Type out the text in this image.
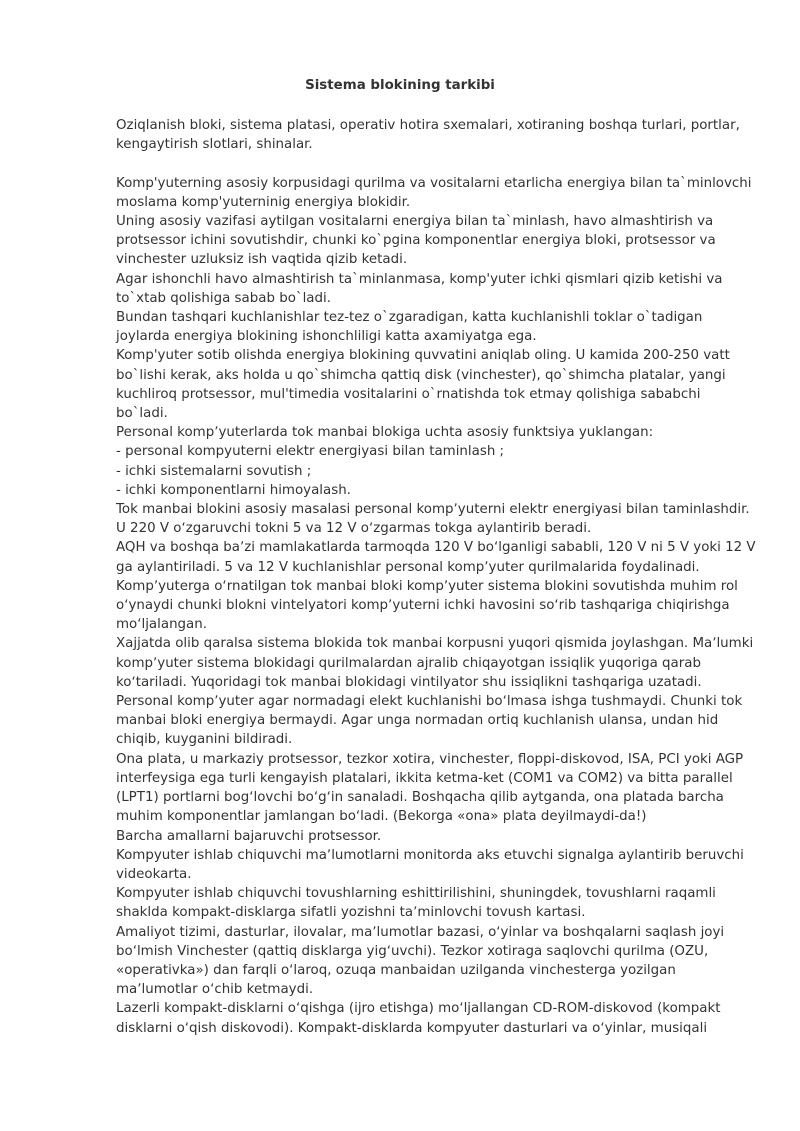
Sistema blokining tarkibi

Oziqlanish bloki, sistema platasi, operativ hotira sxemalari, xotiraning boshqa turlari, portlar, kengaytirish slotlari, shinalar.

Komp'yuterning asosiy korpusidagi qurilma va vositalarni etarlicha energiya bilan ta`minlovchi moslama komp'yuterninig energiya blokidir.

Uning asosiy vazifasi aytilgan vositalarni energiya bilan ta`minlash, havo almashtirish va protsessor ichini sovutishdir, chunki ko`pgina komponentlar energiya bloki, protsessor va vinchester uzluksiz ish vaqtida qizib ketadi.

Agar ishonchli havo almashtirish ta`minlanmasa, komp'yuter ichki qismlari qizib ketishi va to`xtab qolishiga sabab bo`ladi.

Bundan tashqari kuchlanishlar tez-tez o`zgaradigan, katta kuchlanishli toklar o`tadigan joylarda energiya blokining ishonchliligi katta axamiyatga ega.

Komp'yuter sotib olishda energiya blokining quvvatini aniqlab oling. U kamida 200-250 vatt bo`lishi kerak, aks holda u qo`shimcha qattiq disk (vinchester), qo`shimcha platalar, yangi kuchliroq protsessor, mul'timedia vositalarini o`rnatishda tok etmay qolishiga sababchi bo`ladi.

Personal kompʼyuterlarda tok manbai blokiga uchta asosiy funktsiya yuklangan:

- personal kompyuterni elektr energiyasi bilan taminlash ;

- ichki sistemalarni sovutish ;

- ichki komponentlarni himoyalash.

Tok manbai blokini asosiy masalasi personal kompʼyuterni elektr energiyasi bilan taminlashdir. U 220 V oʻzgaruvchi tokni 5 va 12 V oʻzgarmas tokga aylantirib beradi.

AQH va boshqa baʼzi mamlakatlarda tarmoqda 120 V boʻlganligi sababli, 120 V ni 5 V yoki 12 V ga aylantiriladi. 5 va 12 V kuchlanishlar personal kompʼyuter qurilmalarida foydalinadi.

Kompʼyuterga oʻrnatilgan tok manbai bloki kompʼyuter sistema blokini sovutishda muhim rol oʻynaydi chunki blokni vintelyatori kompʼyuterni ichki havosini soʻrib tashqariga chiqirishga moʻljalangan.

Xajjatda olib qaralsa sistema blokida tok manbai korpusni yuqori qismida joylashgan. Maʼlumki kompʼyuter sistema blokidagi qurilmalardan ajralib chiqayotgan issiqlik yuqoriga qarab koʻtariladi. Yuqoridagi tok manbai blokidagi vintilyator shu issiqlikni tashqariga uzatadi.

Personal kompʼyuter agar normadagi elekt kuchlanishi boʻlmasa ishga tushmaydi. Chunki tok manbai bloki energiya bermaydi. Agar unga normadan ortiq kuchlanish ulansa, undan hid chiqib, kuyganini bildiradi.

Ona plata, u markaziy protsessor, tezkor xotira, vinchester, floppi-diskovod, ISA, PCI yoki AGP interfeysiga ega turli kengayish platalari, ikkita ketma-ket (COM1 va COM2) va bitta parallel (LPT1) portlarni bogʻlovchi boʻgʻin sanaladi. Boshqacha qilib aytganda, ona platada barcha muhim komponentlar jamlangan boʻladi. (Bekorga «ona» plata deyilmaydi-da!)

Barcha amallarni bajaruvchi protsessor.

Kompyuter ishlab chiquvchi maʼlumotlarni monitorda aks etuvchi signalga aylantirib beruvchi videokarta.

Kompyuter ishlab chiquvchi tovushlarning eshittirilishini, shuningdek, tovushlarni raqamli shaklda kompakt-disklarga sifatli yozishni taʼminlovchi tovush kartasi.

Amaliyot tizimi, dasturlar, ilovalar, maʼlumotlar bazasi, oʻyinlar va boshqalarni saqlash joyi boʻlmish Vinchester (qattiq disklarga yigʻuvchi). Tezkor xotiraga saqlovchi qurilma (OZU, «operativka») dan farqli oʻlaroq, ozuqa manbaidan uzilganda vinchesterga yozilgan maʼlumotlar oʻchib ketmaydi.

Lazerli kompakt-disklarni oʻqishga (ijro etishga) moʻljallangan CD-ROM-diskovod (kompakt disklarni oʻqish diskovodi). Kompakt-disklarda kompyuter dasturlari va oʻyinlar, musiqali
